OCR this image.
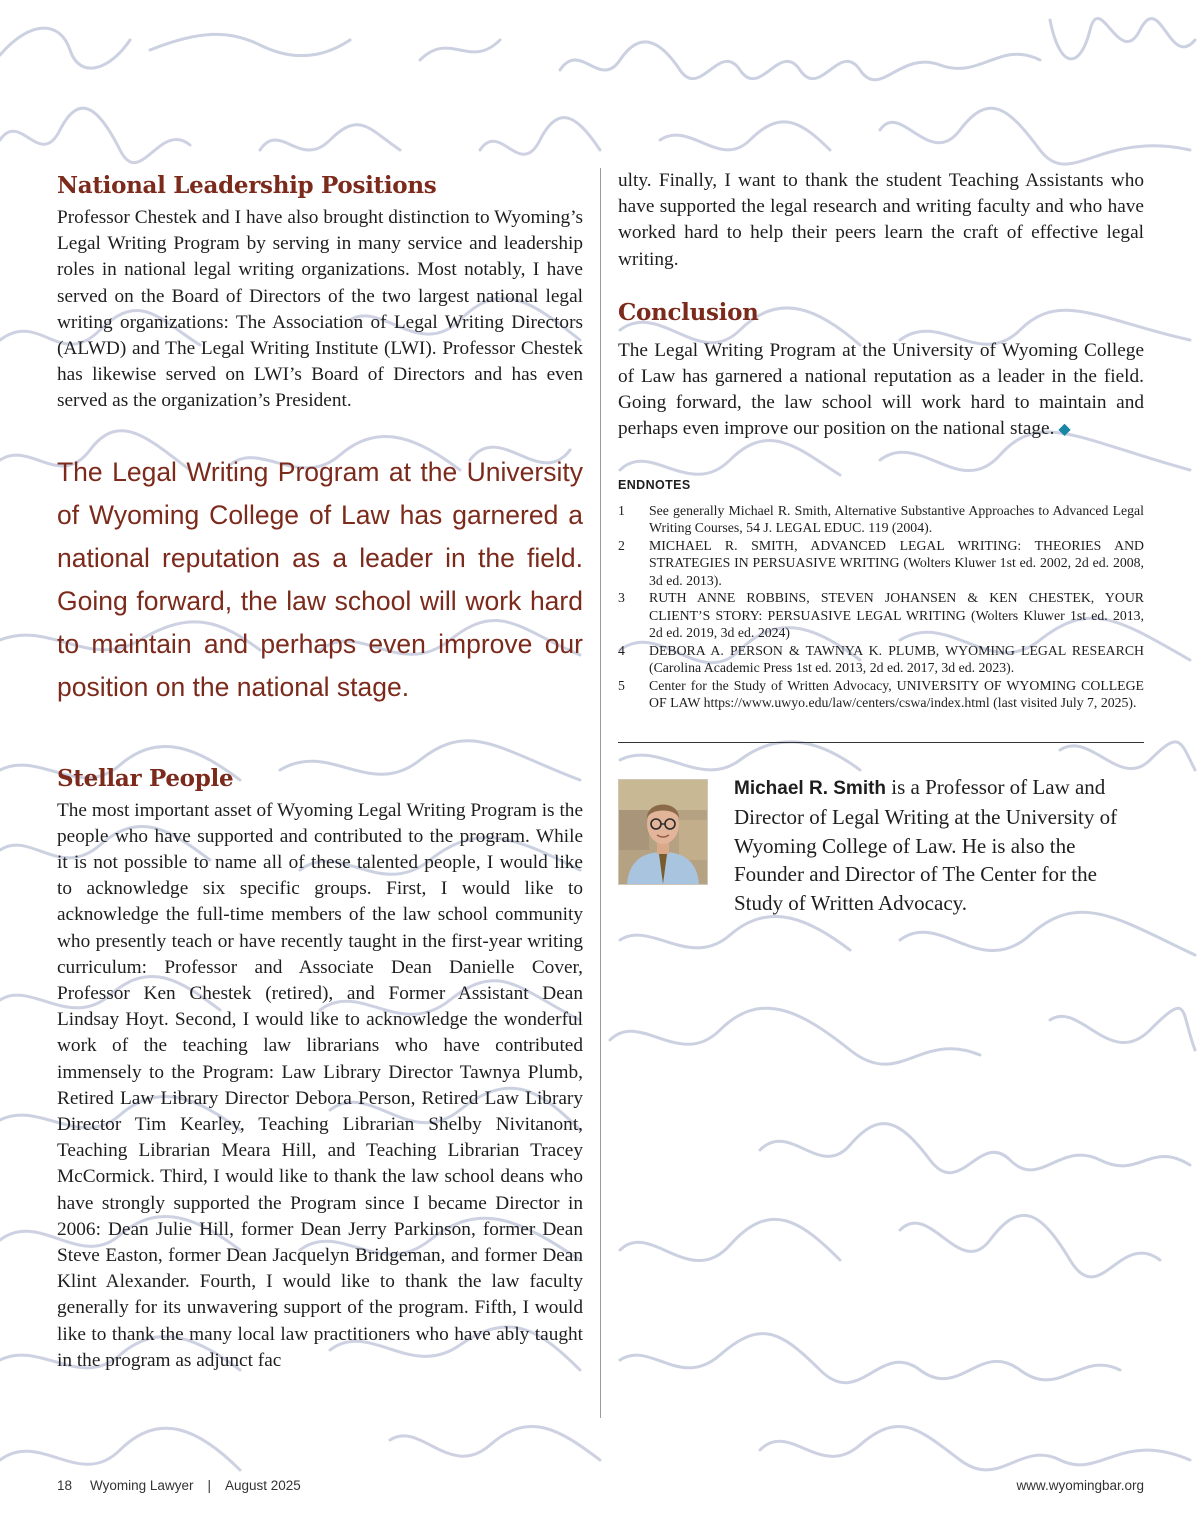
National Leadership Positions

Professor Chestek and I have also brought distinction to Wyoming’s Legal Writing Program by serving in many service and leadership roles in national legal writing organizations. Most notably, I have served on the Board of Directors of the two largest national legal writing organizations: The Association of Legal Writing Directors (ALWD) and The Legal Writing Institute (LWI). Professor Chestek has likewise served on LWI’s Board of Directors and has even served as the organization’s President.

The Legal Writing Program at the University of Wyoming College of Law has garnered a national reputation as a leader in the field. Going forward, the law school will work hard to maintain and perhaps even improve our position on the national stage.
Stellar People

The most important asset of Wyoming Legal Writing Program is the people who have supported and contributed to the program. While it is not possible to name all of these talented people, I would like to acknowledge six specific groups. First, I would like to acknowledge the full-time members of the law school community who presently teach or have recently taught in the first-year writing curriculum: Professor and Associate Dean Danielle Cover, Professor Ken Chestek (retired), and Former Assistant Dean Lindsay Hoyt. Second, I would like to acknowledge the wonderful work of the teaching law librarians who have contributed immensely to the Program: Law Library Director Tawnya Plumb, Retired Law Library Director Debora Person, Retired Law Library Director Tim Kearley, Teaching Librarian Shelby Nivitanont, Teaching Librarian Meara Hill, and Teaching Librarian Tracey McCormick. Third, I would like to thank the law school deans who have strongly supported the Program since I became Director in 2006: Dean Julie Hill, former Dean Jerry Parkinson, former Dean Steve Easton, former Dean Jacquelyn Bridgeman, and former Dean Klint Alexander. Fourth, I would like to thank the law faculty generally for its unwavering support of the program. Fifth, I would like to thank the many local law practitioners who have ably taught in the program as adjunct fac

ulty. Finally, I want to thank the student Teaching Assistants who have supported the legal research and writing faculty and who have worked hard to help their peers learn the craft of effective legal writing.

Conclusion

The Legal Writing Program at the University of Wyoming College of Law has garnered a national reputation as a leader in the field. Going forward, the law school will work hard to maintain and perhaps even improve our position on the national stage. ◆

ENDNOTES
1	See generally Michael R. Smith, Alternative Substantive Approaches to Advanced Legal Writing Courses, 54 J. LEGAL EDUC. 119 (2004).
2	MICHAEL R. SMITH, ADVANCED LEGAL WRITING: THEORIES AND STRATEGIES IN PERSUASIVE WRITING (Wolters Kluwer 1st ed. 2002, 2d ed. 2008, 3d ed. 2013).
3	RUTH ANNE ROBBINS, STEVEN JOHANSEN & KEN CHESTEK, YOUR CLIENT’S STORY: PERSUASIVE LEGAL WRITING (Wolters Kluwer 1st ed. 2013, 2d ed. 2019, 3d ed. 2024)
4	DEBORA A. PERSON & TAWNYA K. PLUMB, WYOMING LEGAL RESEARCH (Carolina Academic Press 1st ed. 2013, 2d ed. 2017, 3d ed. 2023).
5	Center for the Study of Written Advocacy, UNIVERSITY OF WYOMING COLLEGE OF LAW https://www.uwyo.edu/law/centers/cswa/index.html (last visited July 7, 2025).
Michael R. Smith is a Professor of Law and Director of Legal Writing at the University of Wyoming College of Law. He is also the Founder and Director of The Center for the Study of Written Advocacy.
18 Wyoming Lawyer | August 2025	www.wyomingbar.org
